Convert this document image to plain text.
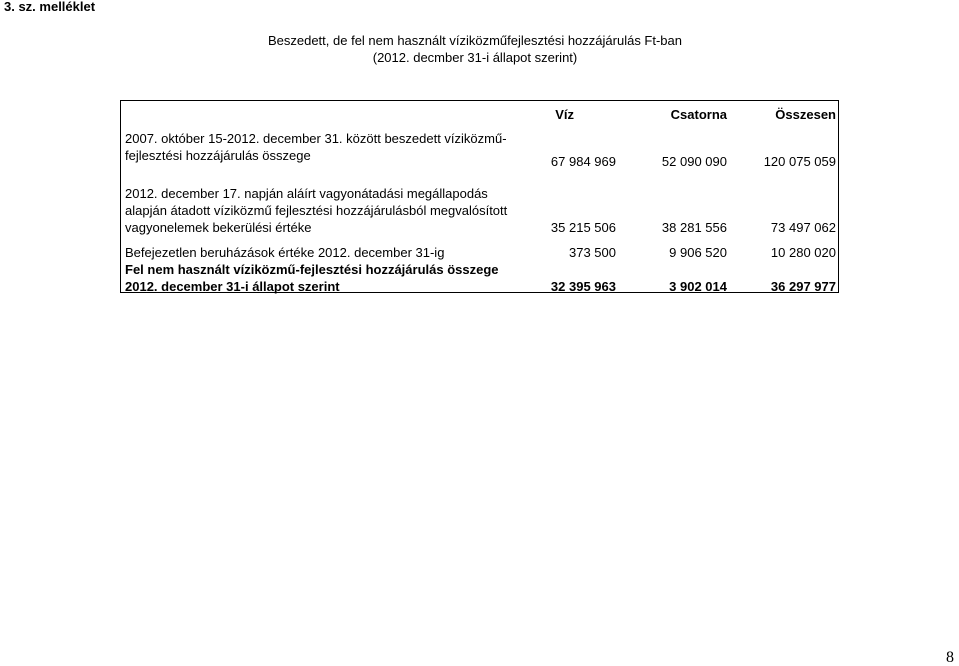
3. sz. melléklet
Beszedett, de fel nem használt víziközműfejlesztési hozzájárulás Ft-ban
(2012. decmber 31-i állapot szerint)
Víz	Csatorna	Összesen
2007. október 15-2012. december 31. között beszedett víziközmű-
fejlesztési hozzájárulás összege	67 984 969	52 090 090	120 075 059
2012. december 17. napján aláírt vagyonátadási megállapodás
alapján átadott víziközmű fejlesztési hozzájárulásból megvalósított
vagyonelemek bekerülési értéke	35 215 506	38 281 556	73 497 062
Befejezetlen beruházások értéke 2012. december 31-ig	373 500	9 906 520	10 280 020
Fel nem használt víziközmű-fejlesztési hozzájárulás összege
2012. december 31-i állapot szerint	32 395 963	3 902 014	36 297 977
8
